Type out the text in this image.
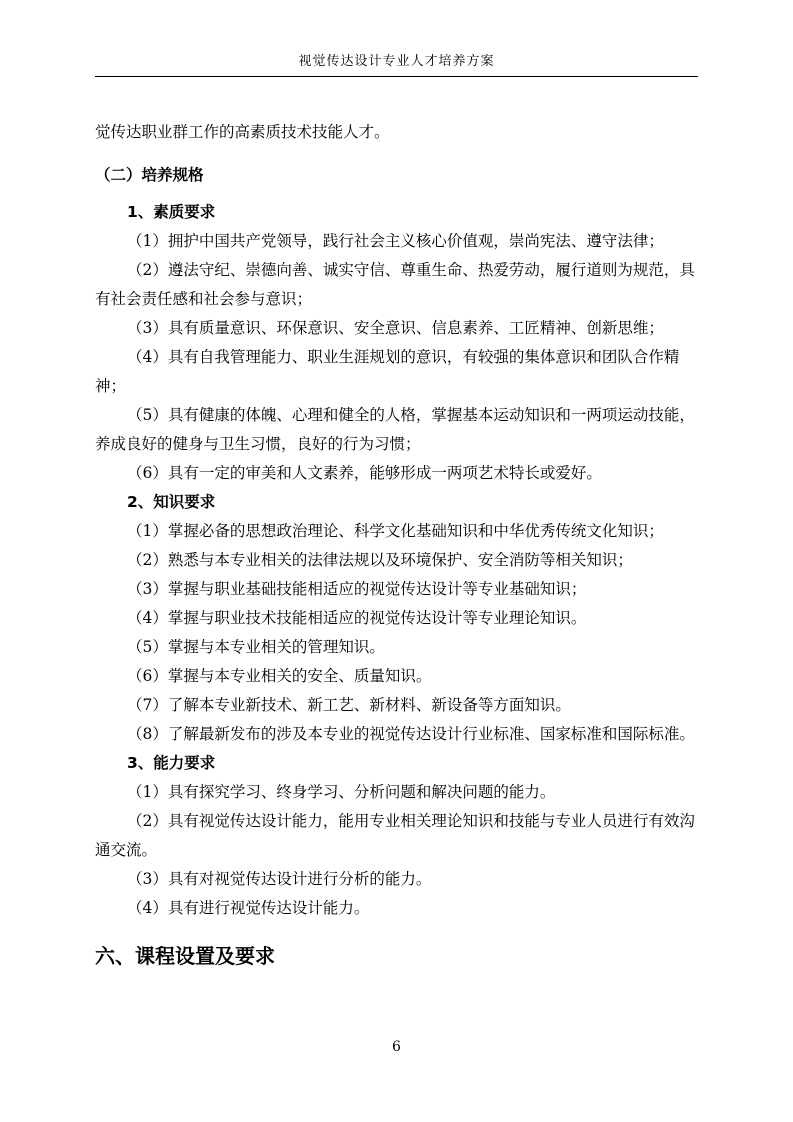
视觉传达设计专业人才培养方案

觉传达职业群工作的高素质技术技能人才。

（二）培养规格

1、素质要求

（1）拥护中国共产党领导，践行社会主义核心价值观，崇尚宪法、遵守法律；

（2）遵法守纪、崇德向善、诚实守信、尊重生命、热爱劳动，履行道则为规范，具有社会责任感和社会参与意识；

（3）具有质量意识、环保意识、安全意识、信息素养、工匠精神、创新思维；

（4）具有自我管理能力、职业生涯规划的意识，有较强的集体意识和团队合作精神；

（5）具有健康的体魄、心理和健全的人格，掌握基本运动知识和一两项运动技能，养成良好的健身与卫生习惯，良好的行为习惯；

（6）具有一定的审美和人文素养，能够形成一两项艺术特长或爱好。

2、知识要求

（1）掌握必备的思想政治理论、科学文化基础知识和中华优秀传统文化知识；

（2）熟悉与本专业相关的法律法规以及环境保护、安全消防等相关知识；

（3）掌握与职业基础技能相适应的视觉传达设计等专业基础知识；

（4）掌握与职业技术技能相适应的视觉传达设计等专业理论知识。

（5）掌握与本专业相关的管理知识。

（6）掌握与本专业相关的安全、质量知识。

（7）了解本专业新技术、新工艺、新材料、新设备等方面知识。

（8）了解最新发布的涉及本专业的视觉传达设计行业标准、国家标准和国际标准。

3、能力要求

（1）具有探究学习、终身学习、分析问题和解决问题的能力。

（2）具有视觉传达设计能力，能用专业相关理论知识和技能与专业人员进行有效沟通交流。

（3）具有对视觉传达设计进行分析的能力。

（4）具有进行视觉传达设计能力。

六、课程设置及要求

6
